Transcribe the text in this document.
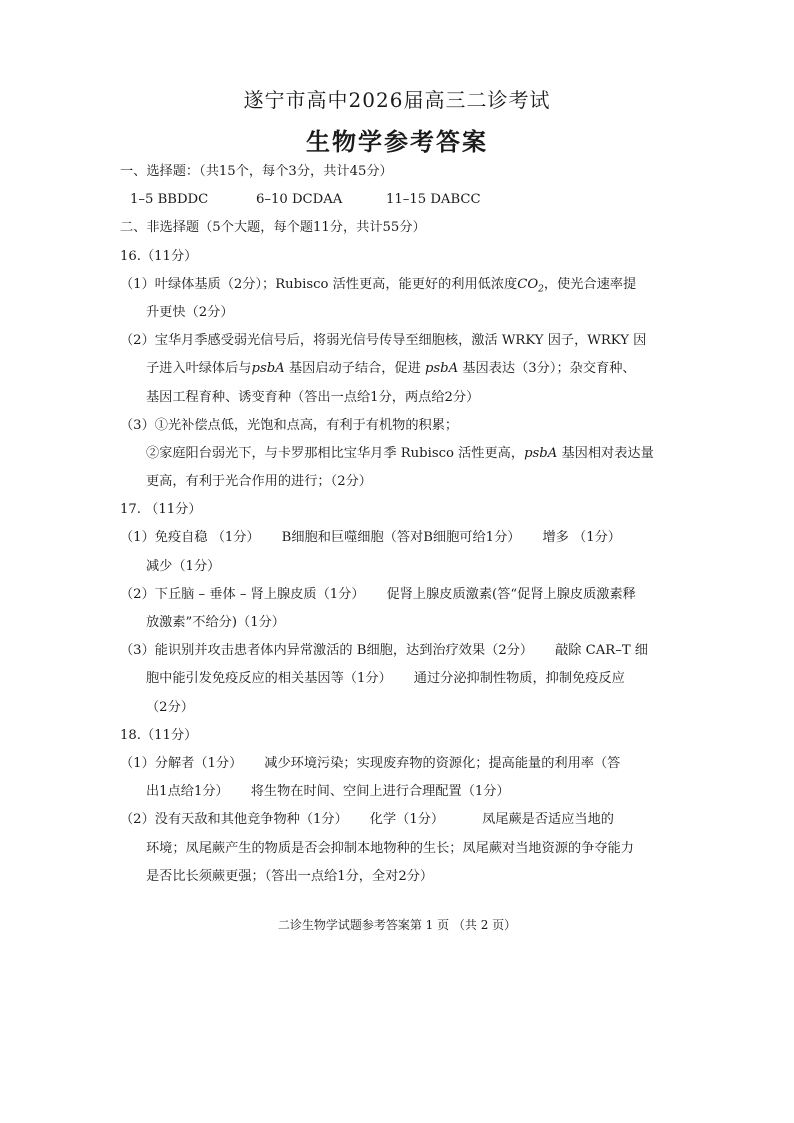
遂宁市高中2026届高三二诊考试
生物学参考答案
一、选择题：（共15个，每个3分，共计45分）
1–5 BBDDC	6–10 DCDAA	11–15 DABCC
二、非选择题（5个大题，每个题11分，共计55分）
16.（11分）
（1）叶绿体基质（2分）；Rubisco 活性更高，能更好的利用低浓度$CO_2$，使光合速率提
升更快（2分）
（2）宝华月季感受弱光信号后，将弱光信号传导至细胞核，激活 WRKY 因子，WRKY 因
子进入叶绿体后与psbA 基因启动子结合，促进 psbA 基因表达（3分）；杂交育种、
基因工程育种、诱变育种（答出一点给1分，两点给2分）
（3）①光补偿点低，光饱和点高，有利于有机物的积累；
②家庭阳台弱光下，与卡罗那相比宝华月季 Rubisco 活性更高，psbA 基因相对表达量
更高，有利于光合作用的进行；（2分）
17. （11分）
（1）免疫自稳 （1分） B细胞和巨噬细胞（答对B细胞可给1分） 增多 （1分）
减少（1分）
（2）下丘脑 – 垂体 – 肾上腺皮质（1分） 促肾上腺皮质激素(答“促肾上腺皮质激素释
放激素”不给分)（1分）
（3）能识别并攻击患者体内异常激活的 B细胞，达到治疗效果（2分） 敲除 CAR–T 细
胞中能引发免疫反应的相关基因等（1分） 通过分泌抑制性物质，抑制免疫反应
（2分）
18.（11分）
（1）分解者（1分） 减少环境污染；实现废弃物的资源化；提高能量的利用率（答
出1点给1分） 将生物在时间、空间上进行合理配置（1分）
（2）没有天敌和其他竞争物种（1分） 化学（1分）	凤尾蕨是否适应当地的
环境；凤尾蕨产生的物质是否会抑制本地物种的生长；凤尾蕨对当地资源的争夺能力
是否比长须蕨更强；（答出一点给1分，全对2分）
二诊生物学试题参考答案第 1 页 （共 2 页）
